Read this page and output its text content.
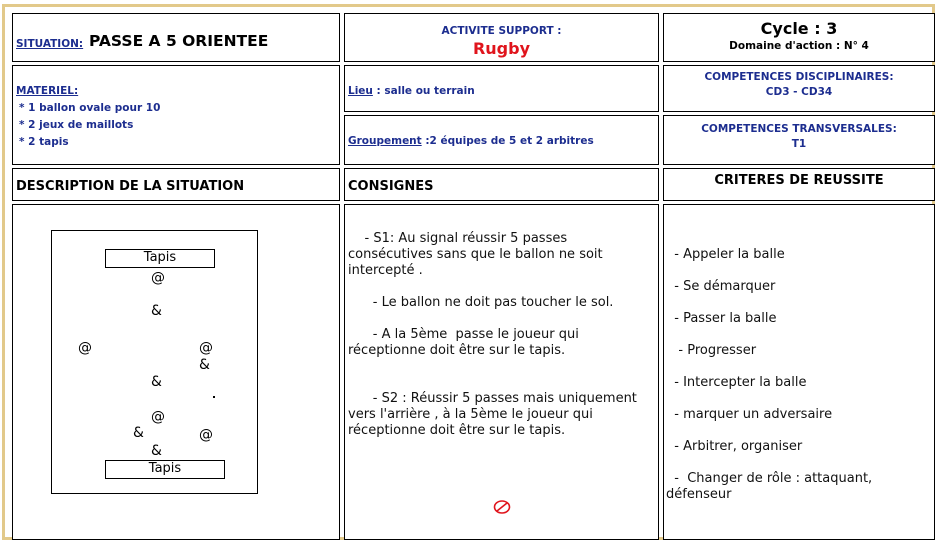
SITUATION: PASSE A 5 ORIENTEE
ACTIVITE SUPPORT :
Rugby
Cycle : 3
Domaine d'action : N° 4
MATERIEL:
* 1 ballon ovale pour 10
* 2 jeux de maillots
* 2 tapis
Lieu : salle ou terrain
Groupement :2 équipes de 5 et 2 arbitres
COMPETENCES DISCIPLINAIRES:
CD3 - CD34
COMPETENCES TRANSVERSALES:
T1
DESCRIPTION DE LA SITUATION	CONSIGNES	CRITERES DE REUSSITE
Tapis
Tapis
@
&
@	@
&
&
@
&	@
&
- S1: Au signal réussir 5 passes consécutives sans que le ballon ne soit intercepté .
- Le ballon ne doit pas toucher le sol.
- A la 5ème  passe le joueur qui réceptionne doit être sur le tapis.
- S2 : Réussir 5 passes mais uniquement vers l'arrière , à la 5ème le joueur qui réceptionne doit être sur le tapis.
- Appeler la balle
- Se démarquer
- Passer la balle
- Progresser
- Intercepter la balle
- marquer un adversaire
- Arbitrer, organiser
-  Changer de rôle : attaquant, défenseur
